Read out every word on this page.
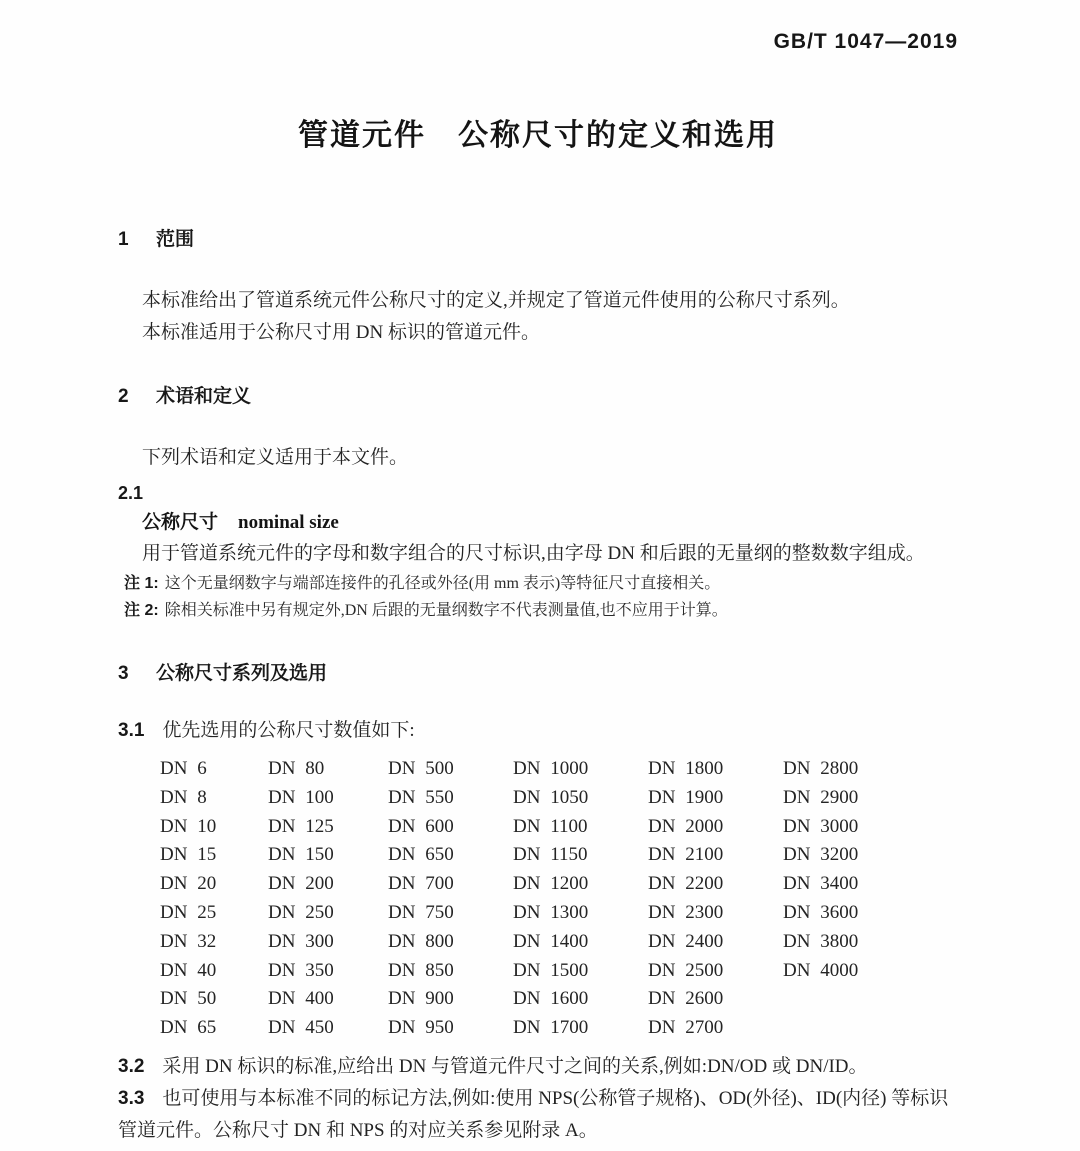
GB/T 1047—2019
管道元件　公称尺寸的定义和选用
1 范围
本标准给出了管道系统元件公称尺寸的定义,并规定了管道元件使用的公称尺寸系列。
本标准适用于公称尺寸用 DN 标识的管道元件。
2 术语和定义
下列术语和定义适用于本文件。
2.1
公称尺寸 nominal size
用于管道系统元件的字母和数字组合的尺寸标识,由字母 DN 和后跟的无量纲的整数数字组成。
注 1: 这个无量纲数字与端部连接件的孔径或外径(用 mm 表示)等特征尺寸直接相关。
注 2: 除相关标准中另有规定外,DN 后跟的无量纲数字不代表测量值,也不应用于计算。
3 公称尺寸系列及选用
3.1 优先选用的公称尺寸数值如下:
DN 6
DN 8
DN 10
DN 15
DN 20
DN 25
DN 32
DN 40
DN 50
DN 65
DN 80
DN 100
DN 125
DN 150
DN 200
DN 250
DN 300
DN 350
DN 400
DN 450
DN 500
DN 550
DN 600
DN 650
DN 700
DN 750
DN 800
DN 850
DN 900
DN 950
DN 1000
DN 1050
DN 1100
DN 1150
DN 1200
DN 1300
DN 1400
DN 1500
DN 1600
DN 1700
DN 1800
DN 1900
DN 2000
DN 2100
DN 2200
DN 2300
DN 2400
DN 2500
DN 2600
DN 2700
DN 2800
DN 2900
DN 3000
DN 3200
DN 3400
DN 3600
DN 3800
DN 4000
3.2 采用 DN 标识的标准,应给出 DN 与管道元件尺寸之间的关系,例如:DN/OD 或 DN/ID。
3.3 也可使用与本标准不同的标记方法,例如:使用 NPS(公称管子规格)、OD(外径)、ID(内径) 等标识管道元件。公称尺寸 DN 和 NPS 的对应关系参见附录 A。
